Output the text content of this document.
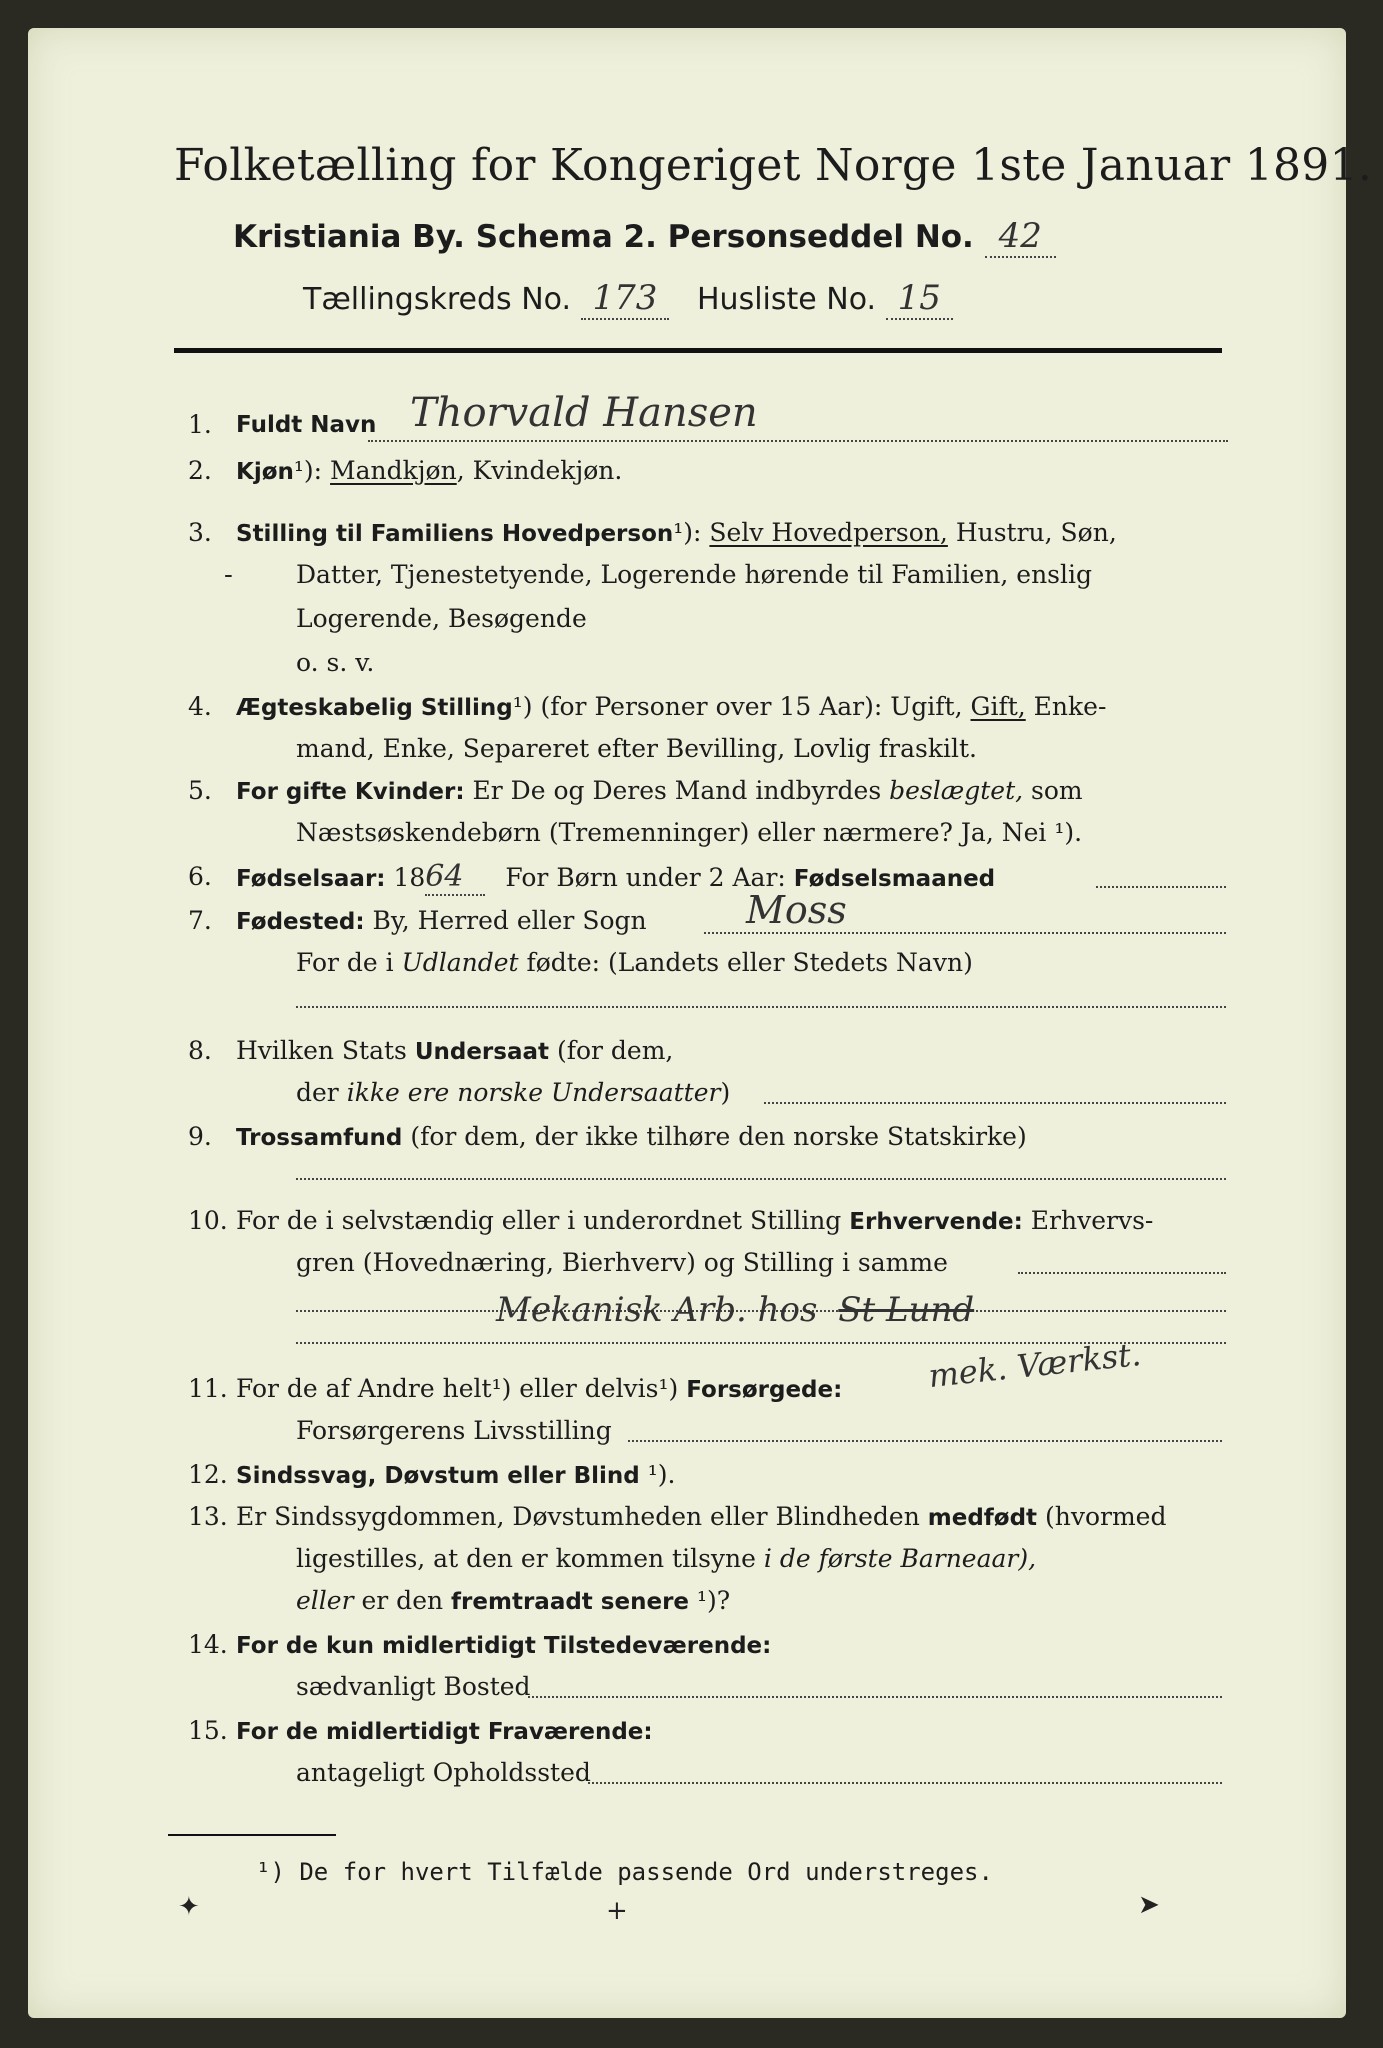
Folketælling for Kongeriget Norge 1ste Januar 1891.
Kristiania By. Schema 2. Personseddel No. 42
Tællingskreds No. 173 Husliste No. 15
1. Fuldt Navn Thorvald Hansen
2. Kjøn¹): Mandkjøn, Kvindekjøn.
3. Stilling til Familiens Hovedperson¹): Selv Hovedperson, Hustru, Søn,
Datter, Tjenestetyende, Logerende hørende til Familien, enslig
Logerende, Besøgende
o. s. v.
-
4. Ægteskabelig Stilling¹) (for Personer over 15 Aar): Ugift, Gift, Enke-
mand, Enke, Separeret efter Bevilling, Lovlig fraskilt.
5. For gifte Kvinder: Er De og Deres Mand indbyrdes beslægtet, som
Næstsøskendebørn (Tremenninger) eller nærmere? Ja, Nei ¹).
6. Fødselsaar: 1864 For Børn under 2 Aar: Fødselsmaaned
7. Fødested: By, Herred eller Sogn	Moss
For de i Udlandet fødte: (Landets eller Stedets Navn)
8. Hvilken Stats Undersaat (for dem,
der ikke ere norske Undersaatter)
9. Trossamfund (for dem, der ikke tilhøre den norske Statskirke)
10. For de i selvstændig eller i underordnet Stilling Erhvervende: Erhvervs-
gren (Hovednæring, Bierhverv) og Stilling i samme
Mekanisk Arb. hos St Lund
mek. Værkst.
11. For de af Andre helt¹) eller delvis¹) Forsørgede:
Forsørgerens Livsstilling
12. Sindssvag, Døvstum eller Blind ¹).
13. Er Sindssygdommen, Døvstumheden eller Blindheden medfødt (hvormed
ligestilles, at den er kommen tilsyne i de første Barneaar),
eller er den fremtraadt senere ¹)?
14. For de kun midlertidigt Tilstedeværende:
sædvanligt Bosted
15. For de midlertidigt Fraværende:
antageligt Opholdssted
¹) De for hvert Tilfælde passende Ord understreges.
✦	+	➤
